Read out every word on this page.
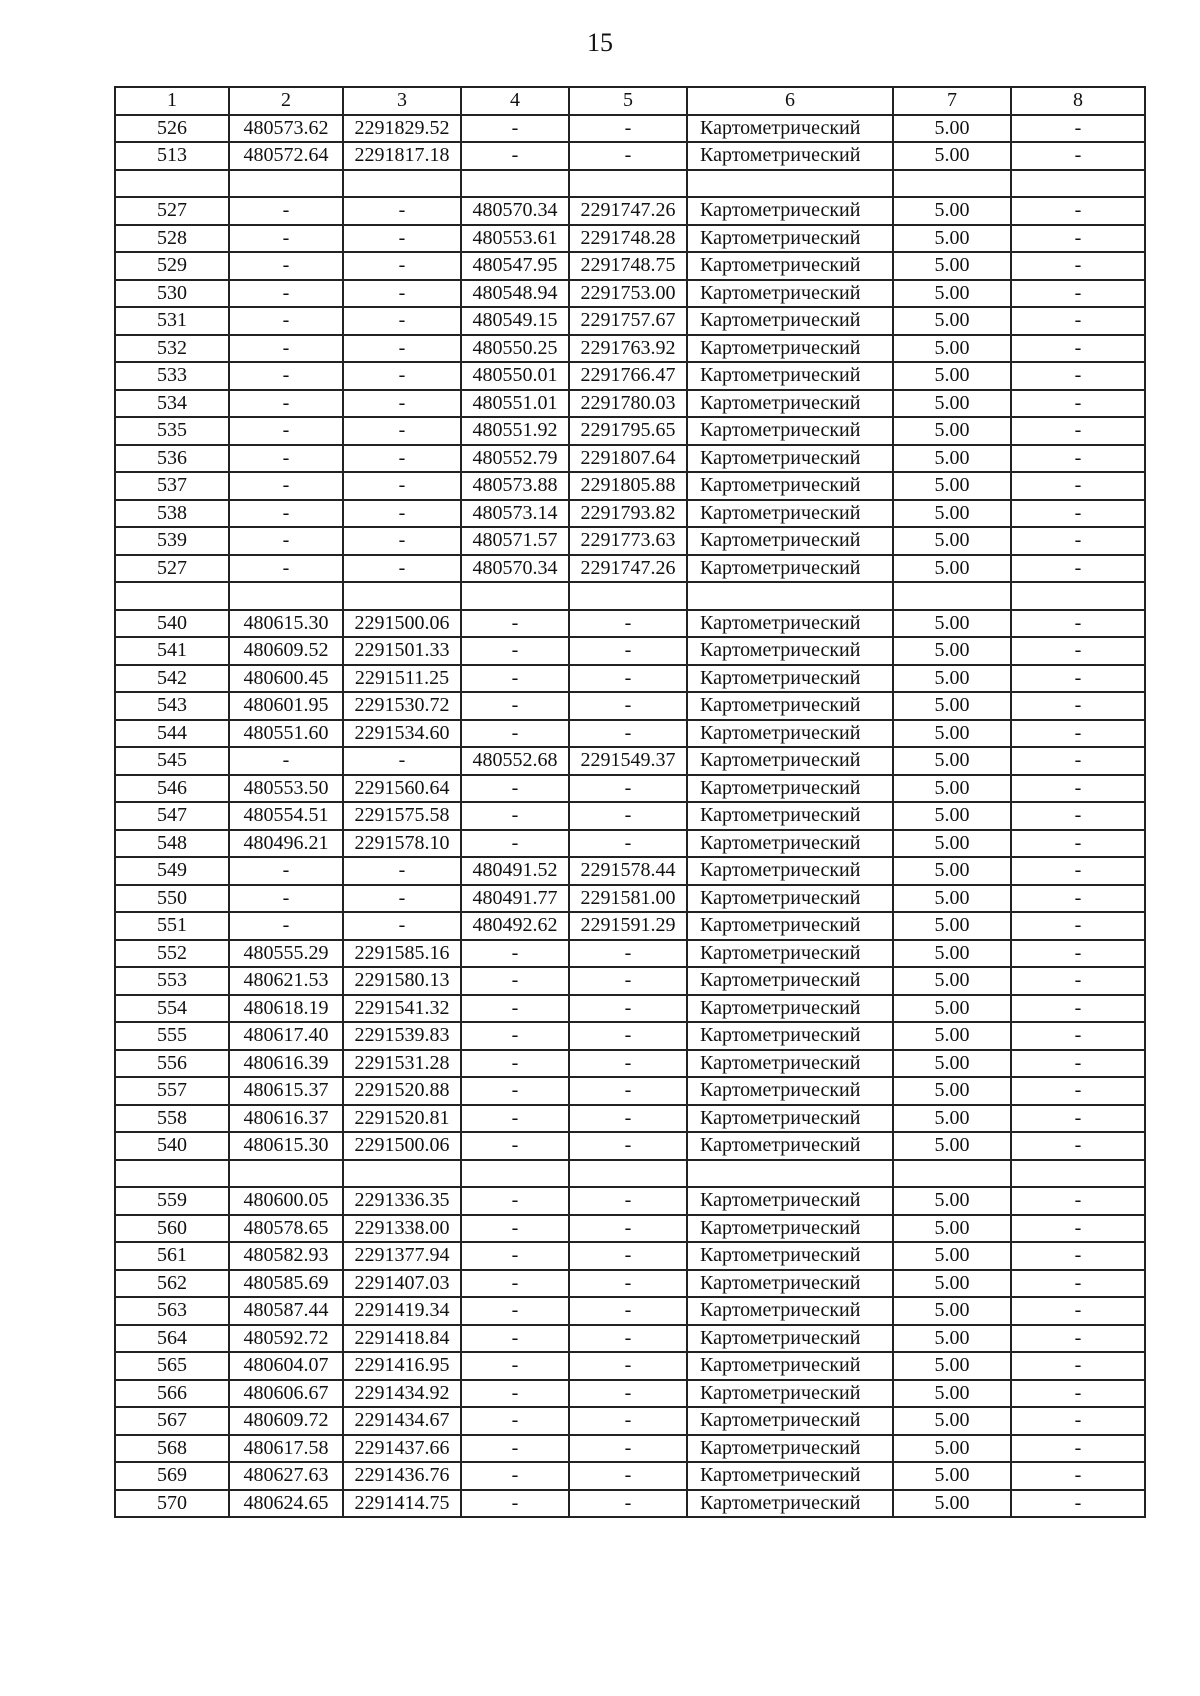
15
1	2	3	4	5	6	7	8
526	480573.62	2291829.52	-	-	Картометрический	5.00	-
513	480572.64	2291817.18	-	-	Картометрический	5.00	-

527	-	-	480570.34	2291747.26	Картометрический	5.00	-
528	-	-	480553.61	2291748.28	Картометрический	5.00	-
529	-	-	480547.95	2291748.75	Картометрический	5.00	-
530	-	-	480548.94	2291753.00	Картометрический	5.00	-
531	-	-	480549.15	2291757.67	Картометрический	5.00	-
532	-	-	480550.25	2291763.92	Картометрический	5.00	-
533	-	-	480550.01	2291766.47	Картометрический	5.00	-
534	-	-	480551.01	2291780.03	Картометрический	5.00	-
535	-	-	480551.92	2291795.65	Картометрический	5.00	-
536	-	-	480552.79	2291807.64	Картометрический	5.00	-
537	-	-	480573.88	2291805.88	Картометрический	5.00	-
538	-	-	480573.14	2291793.82	Картометрический	5.00	-
539	-	-	480571.57	2291773.63	Картометрический	5.00	-
527	-	-	480570.34	2291747.26	Картометрический	5.00	-

540	480615.30	2291500.06	-	-	Картометрический	5.00	-
541	480609.52	2291501.33	-	-	Картометрический	5.00	-
542	480600.45	2291511.25	-	-	Картометрический	5.00	-
543	480601.95	2291530.72	-	-	Картометрический	5.00	-
544	480551.60	2291534.60	-	-	Картометрический	5.00	-
545	-	-	480552.68	2291549.37	Картометрический	5.00	-
546	480553.50	2291560.64	-	-	Картометрический	5.00	-
547	480554.51	2291575.58	-	-	Картометрический	5.00	-
548	480496.21	2291578.10	-	-	Картометрический	5.00	-
549	-	-	480491.52	2291578.44	Картометрический	5.00	-
550	-	-	480491.77	2291581.00	Картометрический	5.00	-
551	-	-	480492.62	2291591.29	Картометрический	5.00	-
552	480555.29	2291585.16	-	-	Картометрический	5.00	-
553	480621.53	2291580.13	-	-	Картометрический	5.00	-
554	480618.19	2291541.32	-	-	Картометрический	5.00	-
555	480617.40	2291539.83	-	-	Картометрический	5.00	-
556	480616.39	2291531.28	-	-	Картометрический	5.00	-
557	480615.37	2291520.88	-	-	Картометрический	5.00	-
558	480616.37	2291520.81	-	-	Картометрический	5.00	-
540	480615.30	2291500.06	-	-	Картометрический	5.00	-

559	480600.05	2291336.35	-	-	Картометрический	5.00	-
560	480578.65	2291338.00	-	-	Картометрический	5.00	-
561	480582.93	2291377.94	-	-	Картометрический	5.00	-
562	480585.69	2291407.03	-	-	Картометрический	5.00	-
563	480587.44	2291419.34	-	-	Картометрический	5.00	-
564	480592.72	2291418.84	-	-	Картометрический	5.00	-
565	480604.07	2291416.95	-	-	Картометрический	5.00	-
566	480606.67	2291434.92	-	-	Картометрический	5.00	-
567	480609.72	2291434.67	-	-	Картометрический	5.00	-
568	480617.58	2291437.66	-	-	Картометрический	5.00	-
569	480627.63	2291436.76	-	-	Картометрический	5.00	-
570	480624.65	2291414.75	-	-	Картометрический	5.00	-
